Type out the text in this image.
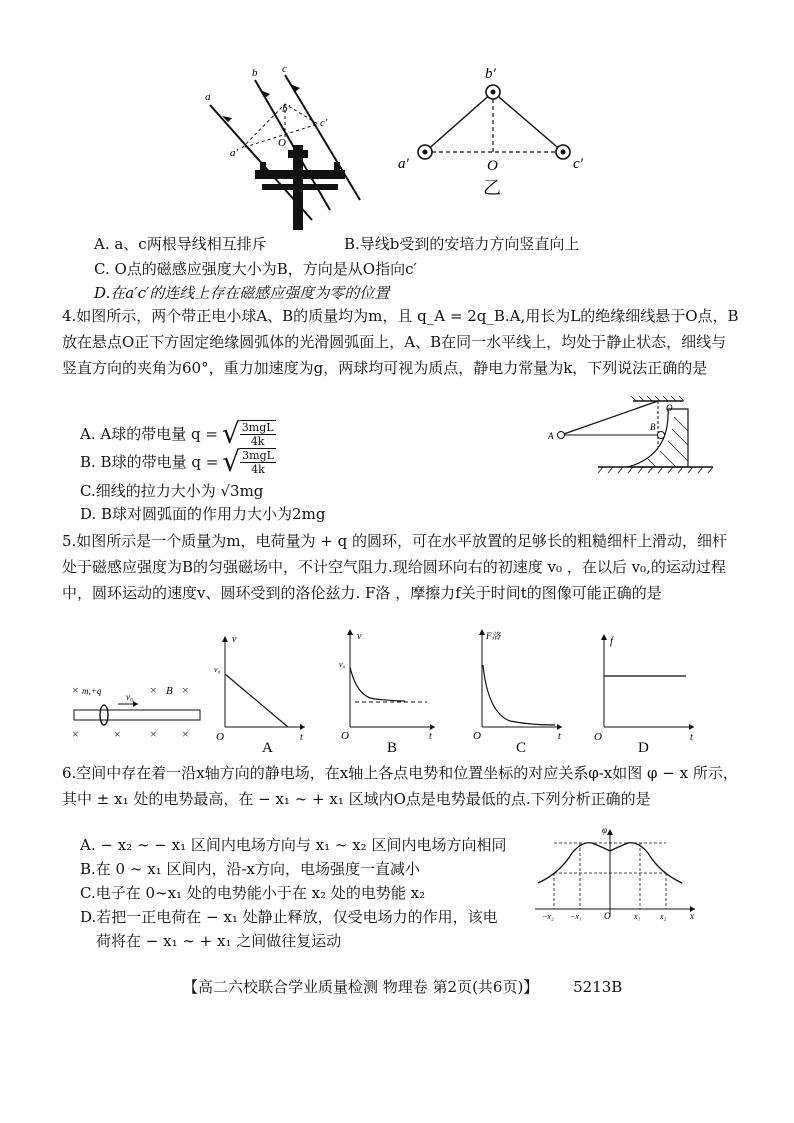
a
b c
b′
a′
c′
O
b′
a′	c′
O
乙
A. a、c两根导线相互排斥	B.导线b受到的安培力方向竖直向上
C. O点的磁感应强度大小为B，方向是从O指向c′
D.在a′c′的连线上存在磁感应强度为零的位置
4.如图所示，两个带正电小球A、B的质量均为m，且 q_A = 2q_B.A,用长为L的绝缘细线悬于O点，B放在悬点O正下方固定绝缘圆弧体的光滑圆弧面上，A、B在同一水平线上，均处于静止状态，细线与竖直方向的夹角为60°，重力加速度为g，两球均可视为质点，静电力常量为k，下列说法正确的是
A. A球的带电量 q = √ 3mgL
4k
B. B球的带电量 q = √ 3mgL
4k
C.细线的拉力大小为 √3mg
D. B球对圆弧面的作用力大小为2mg
A
B
O
5.如图所示是一个质量为m，电荷量为 + q 的圆环，可在水平放置的足够长的粗糙细杆上滑动，细杆处于磁感应强度为B的匀强磁场中，不计空气阻力.现给圆环向右的初速度 v₀ ，在以后 v₀,的运动过程中，圆环运动的速度v、圆环受到的洛伦兹力. F洛 ，摩擦力f关于时间t的图像可能正确的是
×	× ×
×	× × ×
m,+q	B
v₀
v
v₀
t
O
A
v
v₀
t
O
B
F洛
t
O
C
f
t
O
D
6.空间中存在着一沿x轴方向的静电场，在x轴上各点电势和位置坐标的对应关系φ-x如图 φ − x 所示，其中 ± x₁ 处的电势最高，在 − x₁ ∼ + x₁ 区域内O点是电势最低的点.下列分析正确的是
A. − x₂ ∼ − x₁ 区间内电场方向与 x₁ ∼ x₂ 区间内电场方向相同
B.在 0 ∼ x₁ 区间内，沿-x方向，电场强度一直减小
C.电子在 0~x₁ 处的电势能小于在 x₂ 处的电势能 x₂
D.若把一正电荷在 − x₁ 处静止释放，仅受电场力的作用，该电
荷将在 − x₁ ∼ + x₁ 之间做往复运动
φ
x
O
−x₂ −x₁	x₁ x₂
【高二六校联合学业质量检测 物理卷 第2页(共6页)】 5213B
